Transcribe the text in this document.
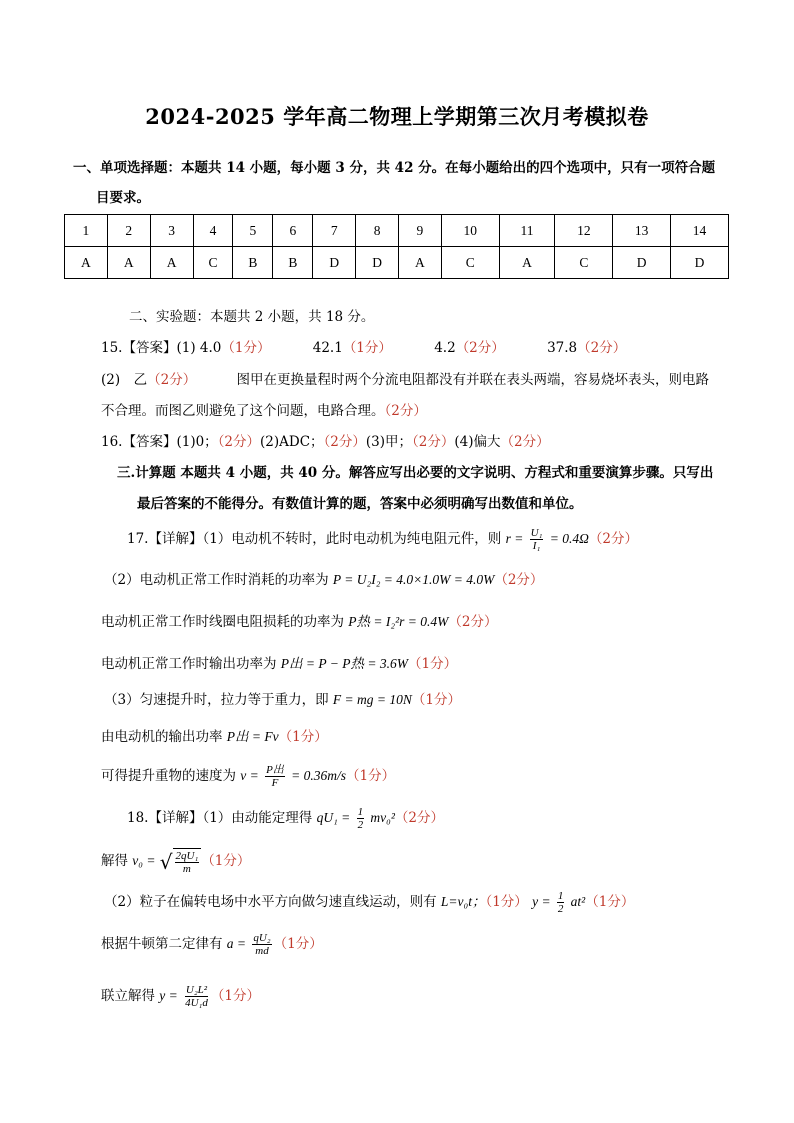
2024-2025 学年高二物理上学期第三次月考模拟卷
一、单项选择题：本题共 14 小题，每小题 3 分，共 42 分。在每小题给出的四个选项中，只有一项符合题
目要求。
1	2	3	4	5	6	7	8	9	10	11	12	13	14
A	A	A	C	B	B	D	D	A	C	A	C	D	D
二、实验题：本题共 2 小题，共 18 分。
15.【答案】(1) 4.0（1分）	42.1（1分）	4.2（2分）	37.8（2分）
(2)　乙（2分）	图甲在更换量程时两个分流电阻都没有并联在表头两端，容易烧坏表头，则电路
不合理。而图乙则避免了这个问题，电路合理。（2分）
16.【答案】(1)0；（2分）(2)ADC；（2分）(3)甲；（2分）(4)偏大（2分）
三.计算题 本题共 4 小题，共 40 分。解答应写出必要的文字说明、方程式和重要演算步骤。只写出
最后答案的不能得分。有数值计算的题，答案中必须明确写出数值和单位。
17.【详解】（1）电动机不转时，此时电动机为纯电阻元件，则 $r = \frac{\text{U₁}}{\text{I₁}} = 0.4\Omega(2$分）
（2）电动机正常工作时消耗的功率为 P = U₂I₂ = 4.0×1.0W = 4.0W（2分）
电动机正常工作时线圈电阻损耗的功率为 P热 = I₂²r = 0.4W（2分）
电动机正常工作时输出功率为 P出 = P − P热 = 3.6W（1分）
（3）匀速提升时，拉力等于重力，即 F = mg = 10N（1分）
由电动机的输出功率 P出 = Fv（1分）
可得提升重物的速度为 $v = \frac{\text{P出}}{F} = 0.36m/s(1$分）
18.【详解】（1）由动能定理得 $qU_1 = \frac{1}{2} mv_0^2(2$分）
解得 v₀ = √ $\frac{\text{2qU₁}}{m} (1$分）
（2）粒子在偏转电场中水平方向做匀速直线运动，则有 L=v₀t；（1分） $y = \frac{1}{2} at^2(1$分）
根据牛顿第二定律有 $a = \frac{\text{qU₂}}{md} (1$分）
联立解得 $y = \frac{\text{U₂L²}}{\text{4U₁d}} (1$分）
